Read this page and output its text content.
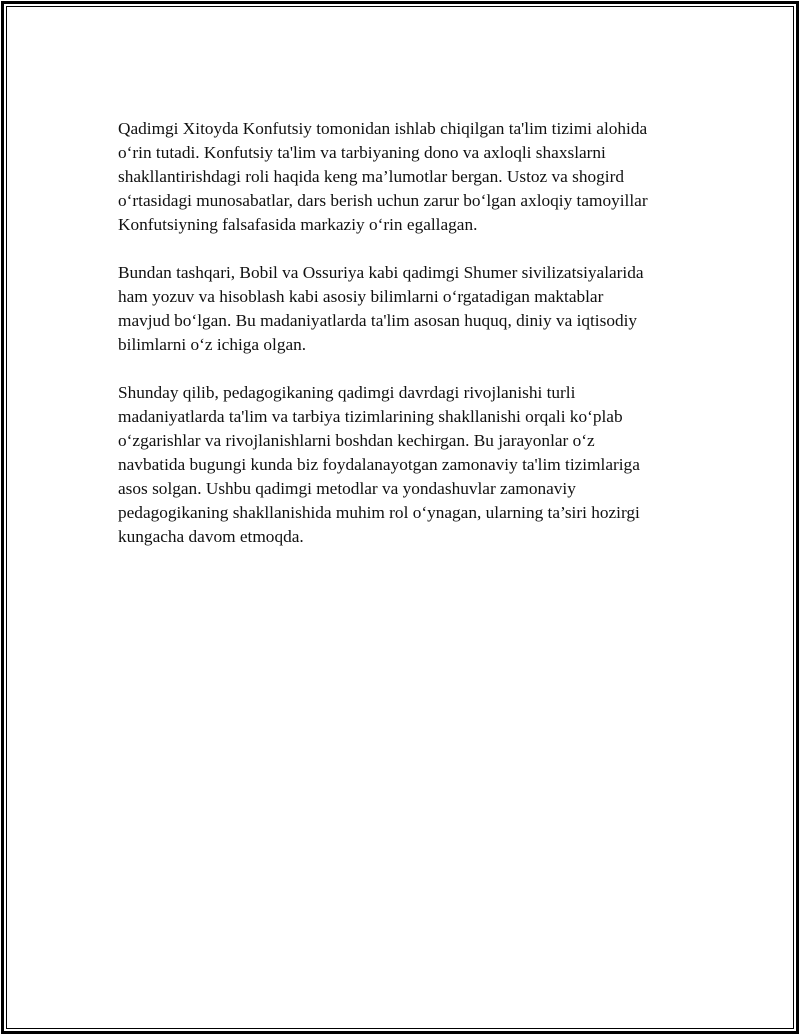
Qadimgi Xitoyda Konfutsiy tomonidan ishlab chiqilgan ta'lim tizimi alohida
o‘rin tutadi. Konfutsiy ta'lim va tarbiyaning dono va axloqli shaxslarni
shakllantirishdagi roli haqida keng ma’lumotlar bergan. Ustoz va shogird
o‘rtasidagi munosabatlar, dars berish uchun zarur bo‘lgan axloqiy tamoyillar
Konfutsiyning falsafasida markaziy o‘rin egallagan.

Bundan tashqari, Bobil va Ossuriya kabi qadimgi Shumer sivilizatsiyalarida
ham yozuv va hisoblash kabi asosiy bilimlarni o‘rgatadigan maktablar
mavjud bo‘lgan. Bu madaniyatlarda ta'lim asosan huquq, diniy va iqtisodiy
bilimlarni o‘z ichiga olgan.

Shunday qilib, pedagogikaning qadimgi davrdagi rivojlanishi turli
madaniyatlarda ta'lim va tarbiya tizimlarining shakllanishi orqali ko‘plab
o‘zgarishlar va rivojlanishlarni boshdan kechirgan. Bu jarayonlar o‘z
navbatida bugungi kunda biz foydalanayotgan zamonaviy ta'lim tizimlariga
asos solgan. Ushbu qadimgi metodlar va yondashuvlar zamonaviy
pedagogikaning shakllanishida muhim rol o‘ynagan, ularning ta’siri hozirgi
kungacha davom etmoqda.
